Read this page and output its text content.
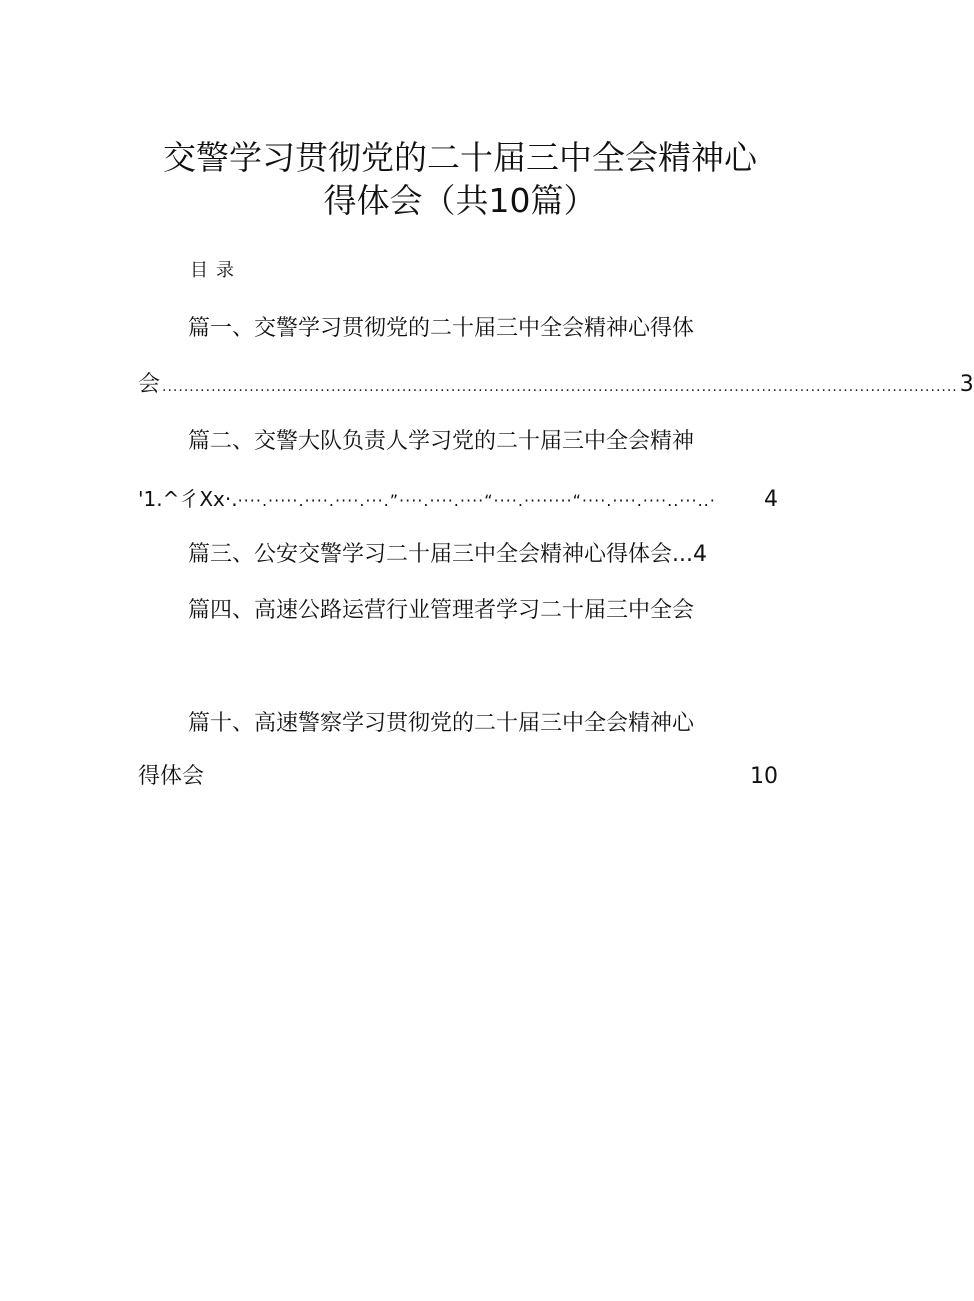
交警学习贯彻党的二十届三中全会精神心
得体会（共10篇）
目录
篇一、交警学习贯彻党的二十届三中全会精神心得体
会 .................................................................................................................................................. 3
篇二、交警大队负责人学习党的二十届三中全会精神
'1.^彳Xx·. ····.·····.····.····.···.”····.····.····“····.········“····.····.····..···..·	4
篇三、公安交警学习二十届三中全会精神心得体会...4
篇四、高速公路运营行业管理者学习二十届三中全会
篇十、高速警察学习贯彻党的二十届三中全会精神心
得体会	10
